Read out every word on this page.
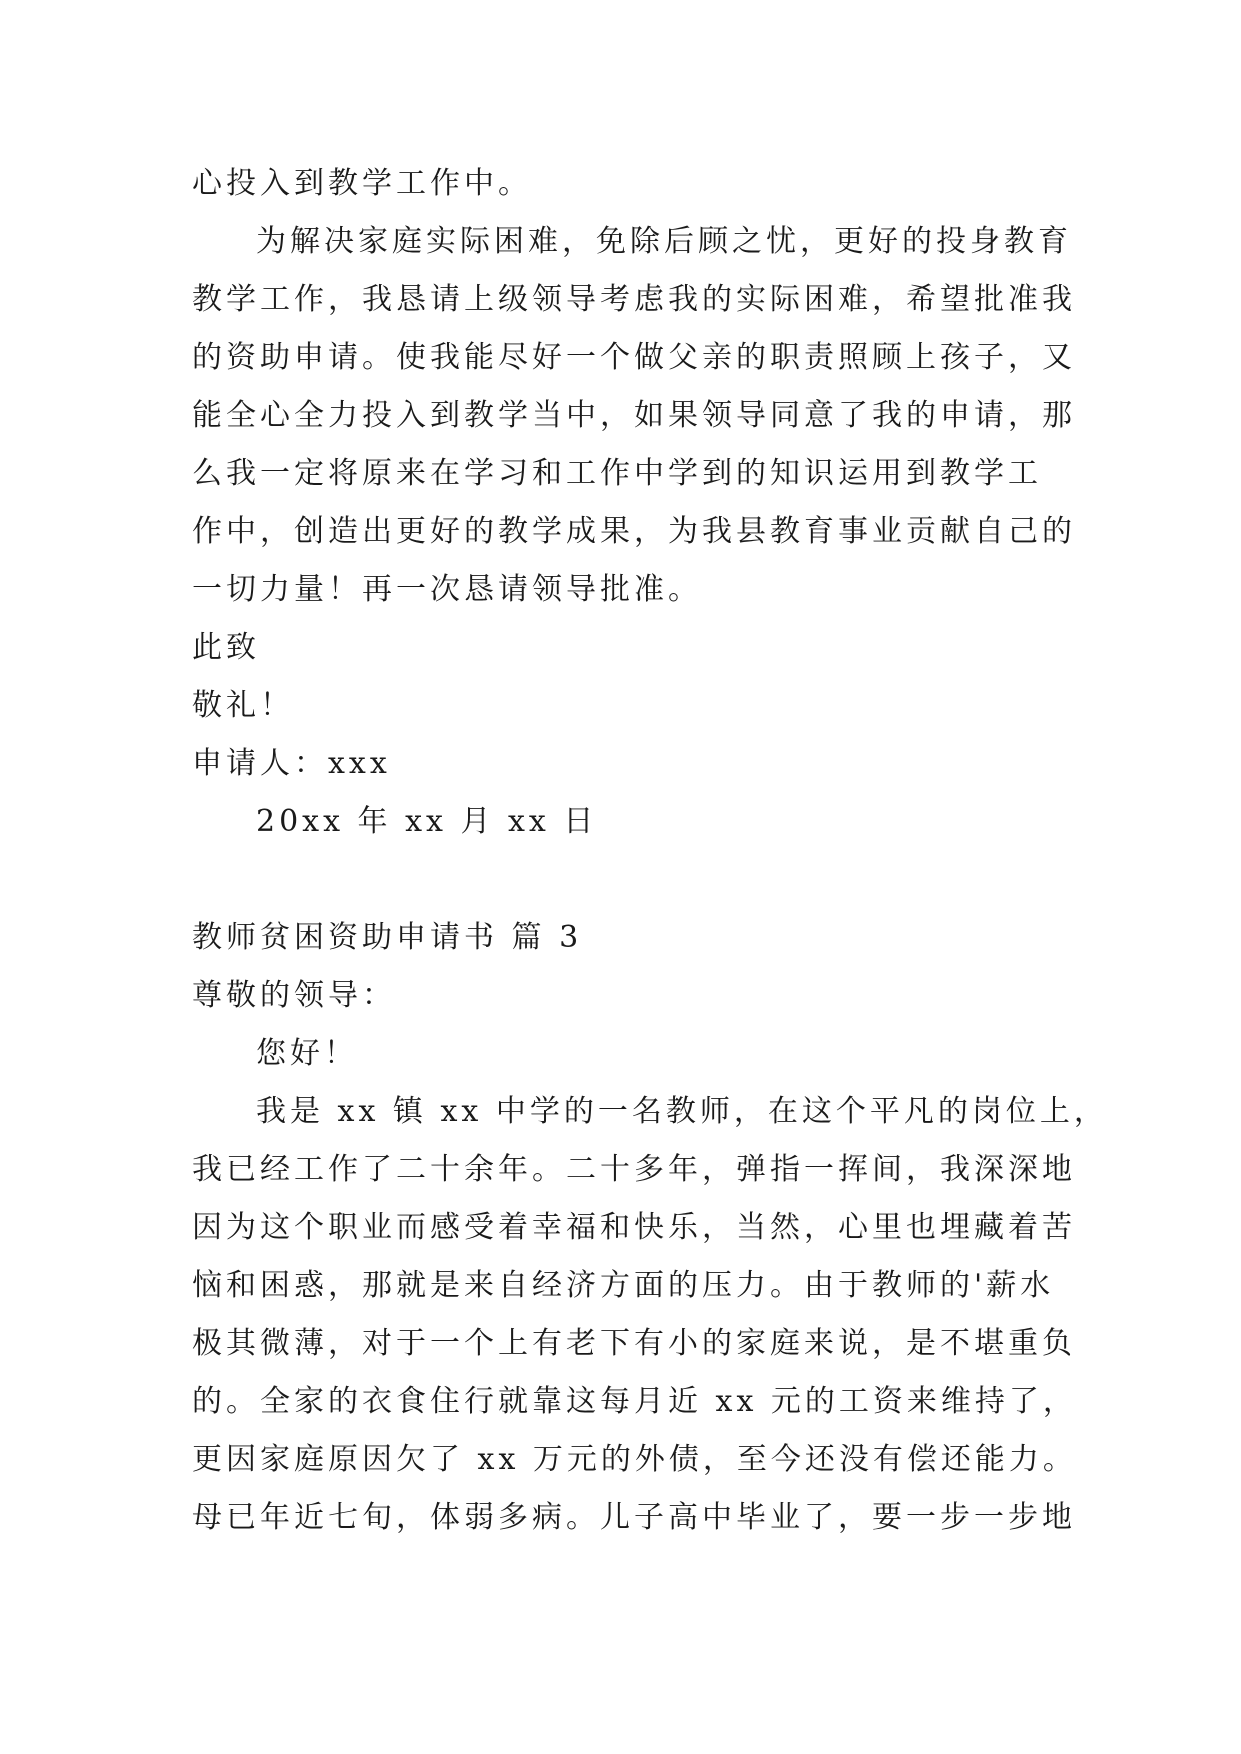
心投入到教学工作中。
为解决家庭实际困难，免除后顾之忧，更好的投身教育
教学工作，我恳请上级领导考虑我的实际困难，希望批准我
的资助申请。使我能尽好一个做父亲的职责照顾上孩子，又
能全心全力投入到教学当中，如果领导同意了我的申请，那
么我一定将原来在学习和工作中学到的知识运用到教学工
作中，创造出更好的教学成果，为我县教育事业贡献自己的
一切力量！再一次恳请领导批准。
此致
敬礼！
申请人：xxx
20xx 年 xx 月 xx 日
教师贫困资助申请书 篇 3
尊敬的领导：
您好！
我是 xx 镇 xx 中学的一名教师，在这个平凡的岗位上，
我已经工作了二十余年。二十多年，弹指一挥间，我深深地
因为这个职业而感受着幸福和快乐，当然，心里也埋藏着苦
恼和困惑，那就是来自经济方面的压力。由于教师的'薪水
极其微薄，对于一个上有老下有小的家庭来说，是不堪重负
的。全家的衣食住行就靠这每月近 xx 元的工资来维持了，
更因家庭原因欠了 xx 万元的外债，至今还没有偿还能力。
母已年近七旬，体弱多病。儿子高中毕业了，要一步一步地
